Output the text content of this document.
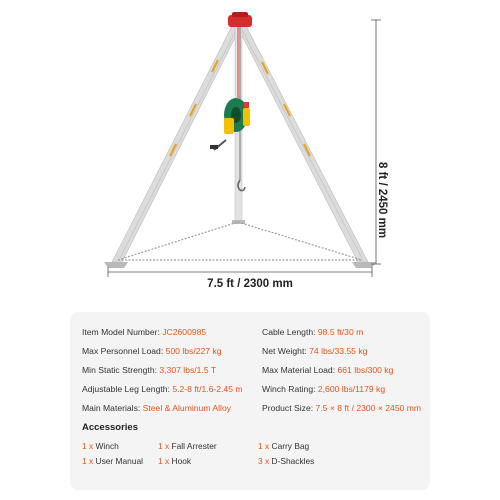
7.5 ft / 2300 mm
8 ft / 2450 mm
Item Model Number: JC2600985
Max Personnel Load: 500 lbs/227 kg
Min Static Strength: 3,307 lbs/1.5 T
Adjustable Leg Length: 5.2-8 ft/1.6-2.45 m
Main Materials: Steel & Aluminum Alloy
Cable Length: 98.5 ft/30 m
Net Weight: 74 lbs/33.55 kg
Max Material Load: 661 lbs/300 kg
Winch Rating: 2,600 lbs/1179 kg
Product Size: 7.5 × 8 ft / 2300 × 2450 mm
Accessories
1 x Winch	1 x Fall Arrester	1 x Carry Bag
1 x User Manual 1 x Hook	3 x D-Shackles
